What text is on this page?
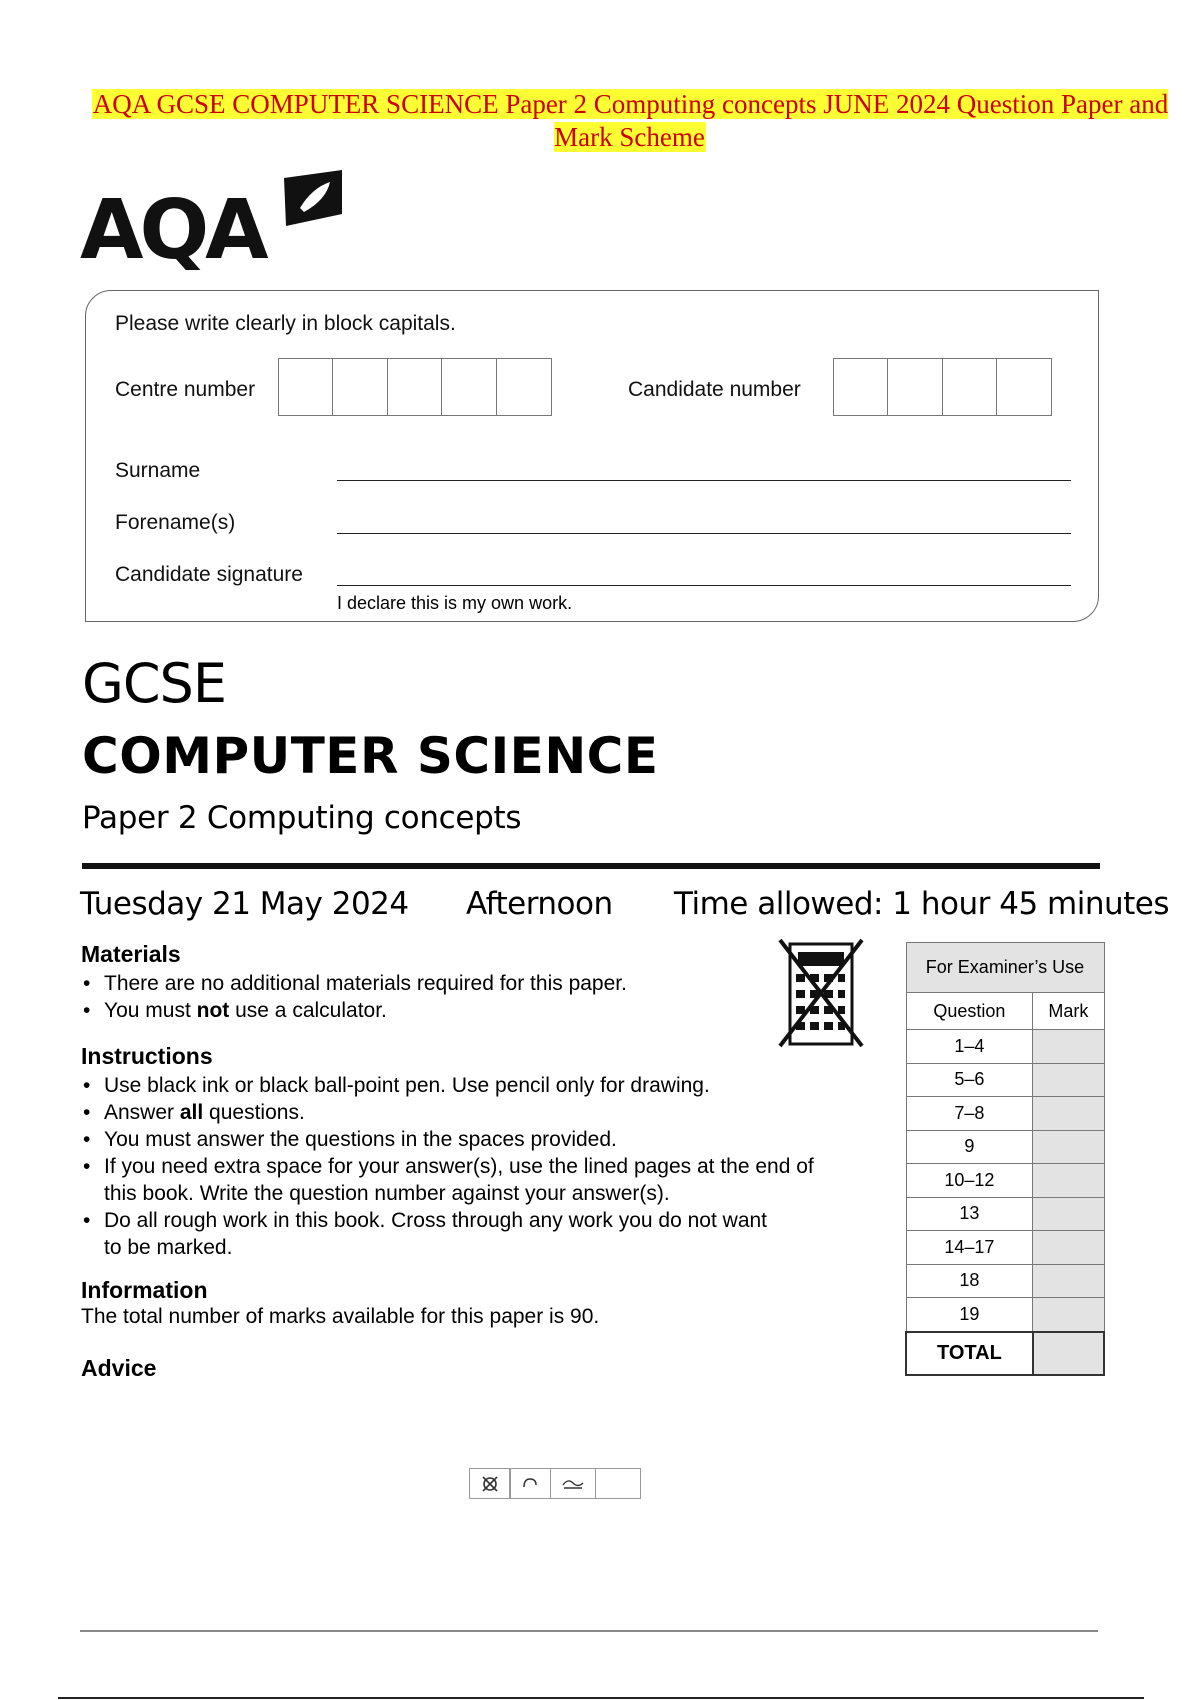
AQA GCSE COMPUTER SCIENCE Paper 2 Computing concepts JUNE 2024 Question Paper and Mark Scheme
AQA
Please write clearly in block capitals.
Centre number	Candidate number
Surname
Forename(s)
Candidate signature
I declare this is my own work.
GCSE
COMPUTER SCIENCE
Paper 2 Computing concepts
Tuesday 21 May 2024 Afternoon Time allowed: 1 hour 45 minutes
Materials
• There are no additional materials required for this paper.
• You must not use a calculator.
Instructions
• Use black ink or black ball-point pen. Use pencil only for drawing.
• Answer all questions.
• You must answer the questions in the spaces provided.
• If you need extra space for your answer(s), use the lined pages at the end of
this book. Write the question number against your answer(s).
• Do all rough work in this book. Cross through any work you do not want
to be marked.
Information
The total number of marks available for this paper is 90.
Advice
For Examiner’s Use	
Question	Mark
1–4	
5–6	
7–8	
9	
10–12	
13	
14–17	
18	
19	
TOTAL	
